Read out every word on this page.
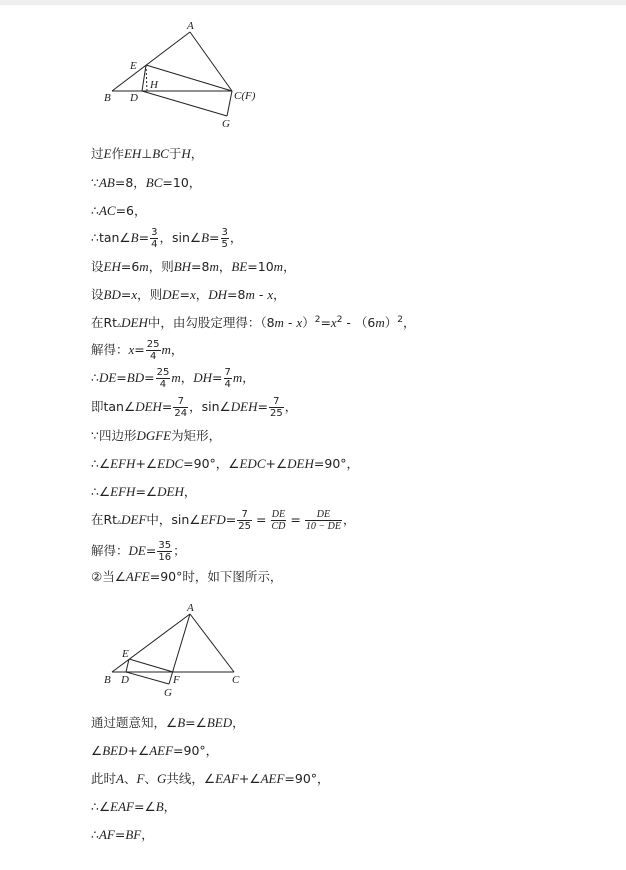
A
E
H
B D	C(F)
G
过E作EH⊥BC于H，
∵AB=8，BC=10，
∴AC=6，
∴tan∠B= $\frac{3}{4}$ ，sin∠B= $\frac{3}{5}$ ，
设EH=6m，则BH=8m，BE=10m，
设BD=x，则DE=x，DH=8m - x，
在Rt▵DEH中，由勾股定理得：$(8m - x)^2=x^2 - (6m)^2$，
解得：$x= \frac{25}{4}$ m，
∴DE=BD= $\frac{25}{4}$ m，$DH= \frac{7}{4}$ m，
即tan∠DEH= $\frac{7}{24}$ ，sin∠DEH= $\frac{7}{25}$ ，
∵四边形DGFE为矩形，
∴∠EFH+∠EDC=90°，∠EDC+∠DEH=90°，
∴∠EFH=∠DEH，
在Rt▵DEF中，sin∠EFD= $\frac{7}{25} = \frac{DE}{CD} = \frac{DE}{10 - DE}$ ，
解得：$DE= \frac{35}{16}$ ；
②当∠AFE=90°时，如下图所示，
A
E
B D	F	C
G
通过题意知，∠B=∠BED，
∠BED+∠AEF=90°，
此时A、F、G共线，∠EAF+∠AEF=90°，
∴∠EAF=∠B，
∴AF=BF，
